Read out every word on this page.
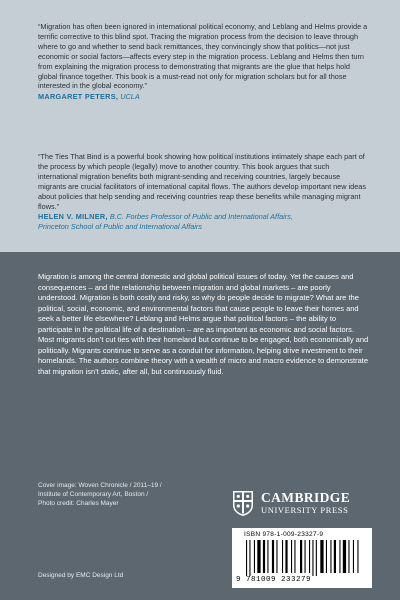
“Migration has often been ignored in international political economy, and Leblang and Helms provide a terrific corrective to this blind spot. Tracing the migration process from the decision to leave through where to go and whether to send back remittances, they convincingly show that politics—not just economic or social factors—affects every step in the migration process. Leblang and Helms then turn from explaining the migration process to demonstrating that migrants are the glue that helps hold global finance together. This book is a must-read not only for migration scholars but for all those interested in the global economy.”

MARGARET PETERS, UCLA

“The Ties That Bind is a powerful book showing how political institutions intimately shape each part of the process by which people (legally) move to another country. This book argues that such international migration benefits both migrant-sending and receiving countries, largely because migrants are crucial facilitators of international capital flows. The authors develop important new ideas about policies that help sending and receiving countries reap these benefits while managing migrant flows.”

HELEN V. MILNER, B.C. Forbes Professor of Public and International Affairs,
Princeton School of Public and International Affairs

Migration is among the central domestic and global political issues of today. Yet the causes and consequences – and the relationship between migration and global markets – are poorly understood. Migration is both costly and risky, so why do people decide to migrate? What are the political, social, economic, and environmental factors that cause people to leave their homes and seek a better life elsewhere? Leblang and Helms argue that political factors – the ability to participate in the political life of a destination – are as important as economic and social factors. Most migrants don’t cut ties with their homeland but continue to be engaged, both economically and politically. Migrants continue to serve as a conduit for information, helping drive investment to their homelands. The authors combine theory with a wealth of micro and macro evidence to demonstrate that migration isn’t static, after all, but continuously fluid.

Cover image: Woven Chronicle / 2011–19 /
Institute of Contemporary Art, Boston /
Photo credit: Charles Mayer
Designed by EMC Design Ltd
CAMBRIDGE
UNIVERSITY PRESS
ISBN 978-1-009-23327-9
9 781009 233279
